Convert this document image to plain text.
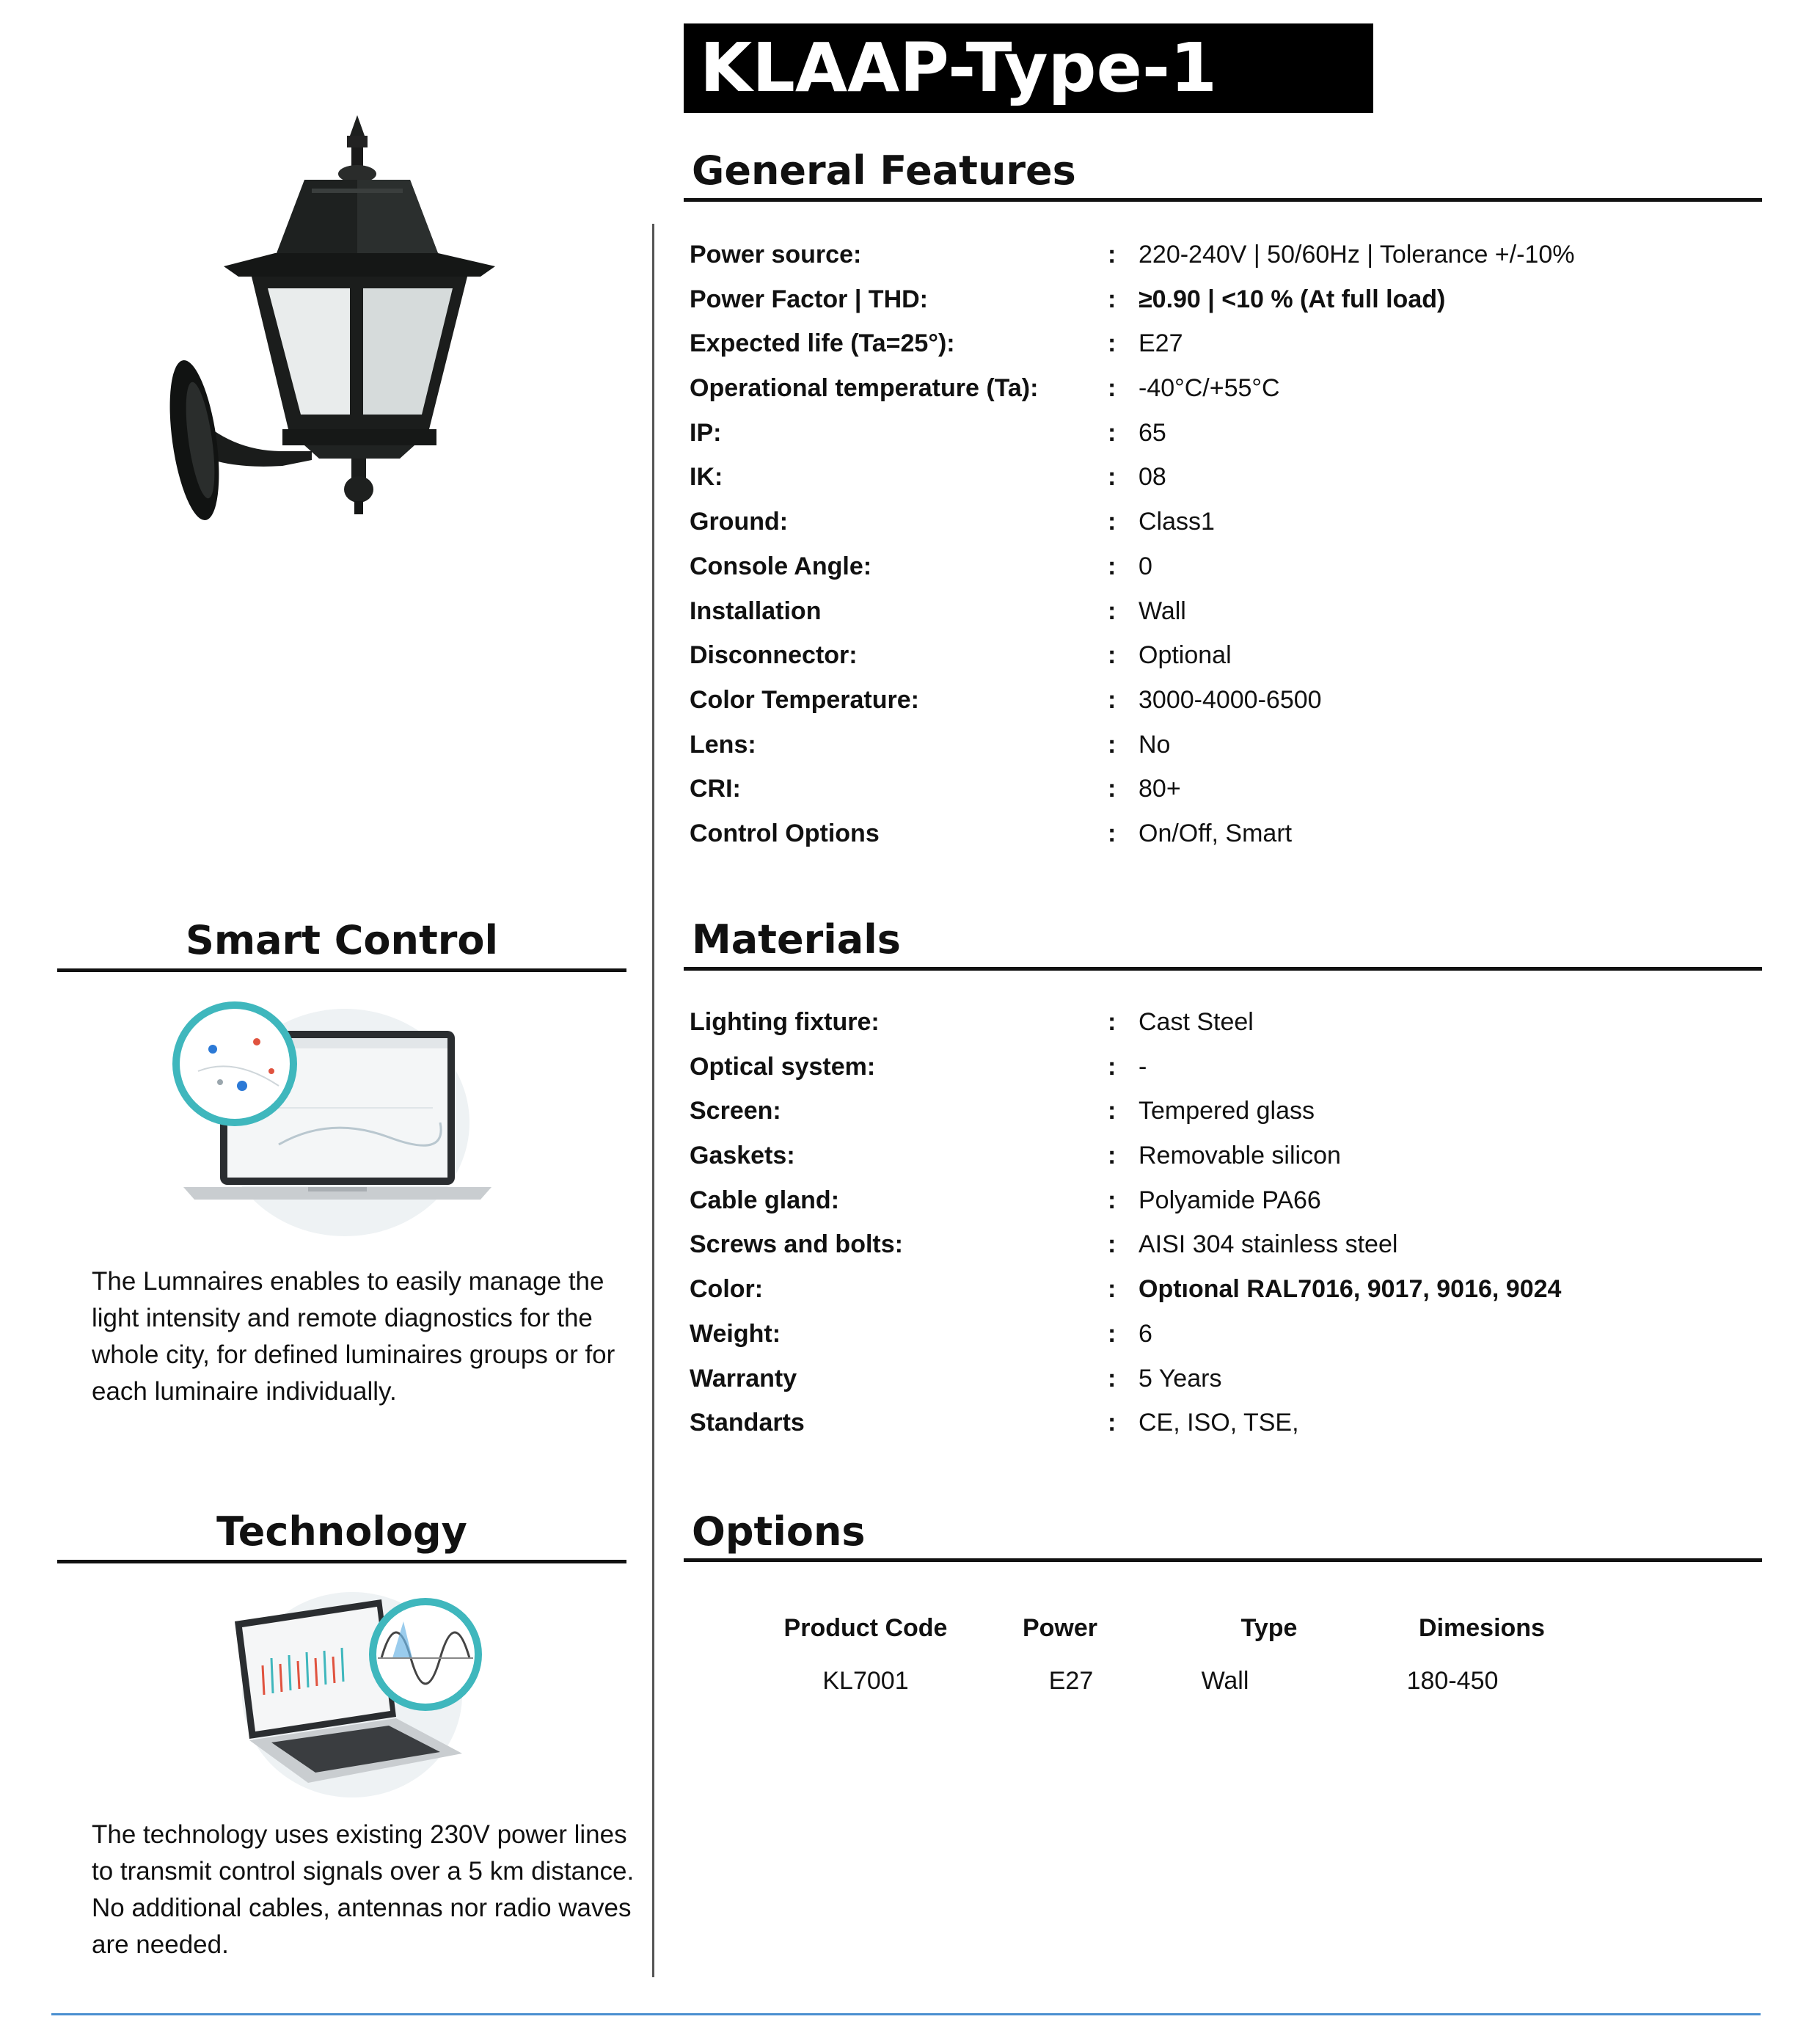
KLAAP-Type-1
General Features
Power source:	: 220-240V | 50/60Hz | Tolerance +/-10%
Power Factor | THD:	: ≥0.90 | <10 % (At full load)
Expected life (Ta=25°):	: E27
Operational temperature (Ta):	: -40°C/+55°C
IP:	: 65
IK:	: 08
Ground:	: Class1
Console Angle:	: 0
Installation	: Wall
Disconnector:	: Optional
Color Temperature:	: 3000-4000-6500
Lens:	: No
CRI:	: 80+
Control Options	: On/Off, Smart
Materials
Lighting fixture:	: Cast Steel
Optical system:	: -
Screen:	: Tempered glass
Gaskets:	: Removable silicon
Cable gland:	: Polyamide PA66
Screws and bolts:	: AISI 304 stainless steel
Color:	: Optıonal RAL7016, 9017, 9016, 9024
Weight:	: 6
Warranty	: 5 Years
Standarts	: CE, ISO, TSE,
Options
Product Code	Power	Type	Dimesions
KL7001	E27	Wall	180-450
Smart Control
The Lumnaires enables to easily manage the light intensity and remote diagnostics for the whole city, for defined luminaires groups or for each luminaire individually.
Technology
The technology uses existing 230V power lines to transmit control signals over a 5 km distance. No additional cables, antennas nor radio waves are needed.
